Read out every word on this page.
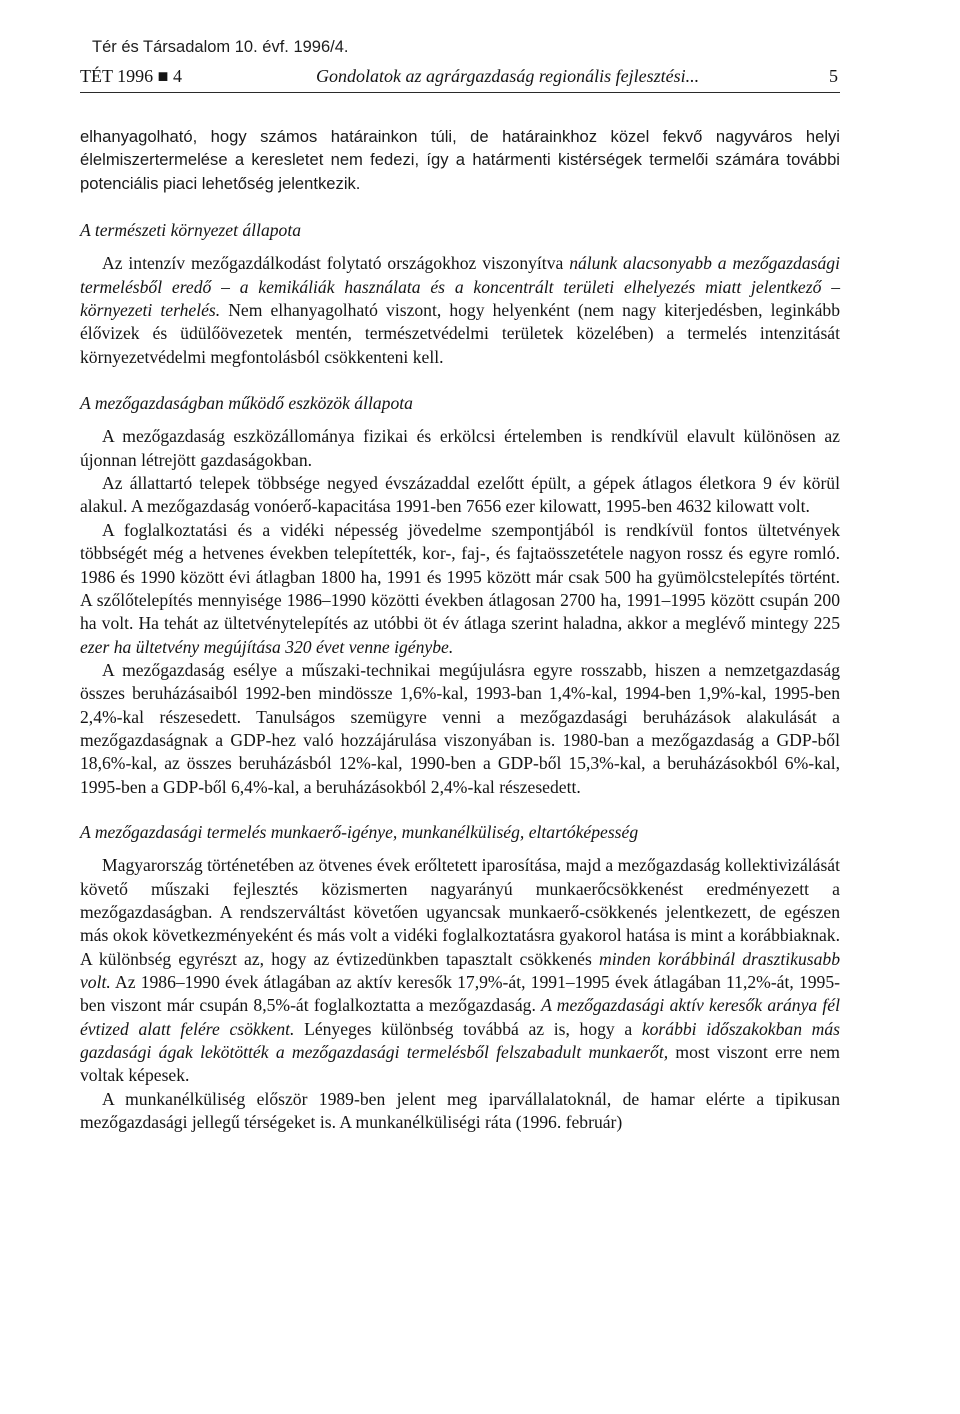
Tér és Társadalom 10. évf. 1996/4.
TÉT 1996 ■ 4	Gondolatok az agrárgazdaság regionális fejlesztési...	5

elhanyagolható, hogy számos határainkon túli, de határainkhoz közel fekvő nagyváros helyi élelmiszertermelése a keresletet nem fedezi, így a határmenti kistérségek termelői számára további potenciális piaci lehetőség jelentkezik.

A természeti környezet állapota

Az intenzív mezőgazdálkodást folytató országokhoz viszonyítva nálunk alacsonyabb a mezőgazdasági termelésből eredő – a kemikáliák használata és a koncentrált területi elhelyezés miatt jelentkező – környezeti terhelés. Nem elhanyagolható viszont, hogy helyenként (nem nagy kiterjedésben, leginkább élővizek és üdülőövezetek mentén, természetvédelmi területek közelében) a termelés intenzitását környezetvédelmi megfontolásból csökkenteni kell.

A mezőgazdaságban működő eszközök állapota

A mezőgazdaság eszközállománya fizikai és erkölcsi értelemben is rendkívül elavult különösen az újonnan létrejött gazdaságokban.

Az állattartó telepek többsége negyed évszázaddal ezelőtt épült, a gépek átlagos életkora 9 év körül alakul. A mezőgazdaság vonóerő-kapacitása 1991-ben 7656 ezer kilowatt, 1995-ben 4632 kilowatt volt.

A foglalkoztatási és a vidéki népesség jövedelme szempontjából is rendkívül fontos ültetvények többségét még a hetvenes években telepítették, kor-, faj-, és fajtaösszetétele nagyon rossz és egyre romló. 1986 és 1990 között évi átlagban 1800 ha, 1991 és 1995 között már csak 500 ha gyümölcstelepítés történt. A szőlőtelepítés mennyisége 1986–1990 közötti években átlagosan 2700 ha, 1991–1995 között csupán 200 ha volt. Ha tehát az ültetvénytelepítés az utóbbi öt év átlaga szerint haladna, akkor a meglévő mintegy 225 ezer ha ültetvény megújítása 320 évet venne igénybe.

A mezőgazdaság esélye a műszaki-technikai megújulásra egyre rosszabb, hiszen a nemzetgazdaság összes beruházásaiból 1992-ben mindössze 1,6%-kal, 1993-ban 1,4%-kal, 1994-ben 1,9%-kal, 1995-ben 2,4%-kal részesedett. Tanulságos szemügyre venni a mezőgazdasági beruházások alakulását a mezőgazdaságnak a GDP-hez való hozzájárulása viszonyában is. 1980-ban a mezőgazdaság a GDP-ből 18,6%-kal, az összes beruházásból 12%-kal, 1990-ben a GDP-ből 15,3%-kal, a beruházásokból 6%-kal, 1995-ben a GDP-ből 6,4%-kal, a beruházásokból 2,4%-kal részesedett.

A mezőgazdasági termelés munkaerő-igénye, munkanélküliség, eltartóképesség

Magyarország történetében az ötvenes évek erőltetett iparosítása, majd a mezőgazdaság kollektivizálását követő műszaki fejlesztés közismerten nagyarányú munkaerőcsökkenést eredményezett a mezőgazdaságban. A rendszerváltást követően ugyancsak munkaerő-csökkenés jelentkezett, de egészen más okok következményeként és más volt a vidéki foglalkoztatásra gyakorol hatása is mint a korábbiaknak. A különbség egyrészt az, hogy az évtizedünkben tapasztalt csökkenés minden korábbinál drasztikusabb volt. Az 1986–1990 évek átlagában az aktív keresők 17,9%-át, 1991–1995 évek átlagában 11,2%-át, 1995-ben viszont már csupán 8,5%-át foglalkoztatta a mezőgazdaság. A mezőgazdasági aktív keresők aránya fél évtized alatt felére csökkent. Lényeges különbség továbbá az is, hogy a korábbi időszakokban más gazdasági ágak lekötötték a mezőgazdasági termelésből felszabadult munkaerőt, most viszont erre nem voltak képesek.

A munkanélküliség először 1989-ben jelent meg iparvállalatoknál, de hamar elérte a tipikusan mezőgazdasági jellegű térségeket is. A munkanélküliségi ráta (1996. február)
